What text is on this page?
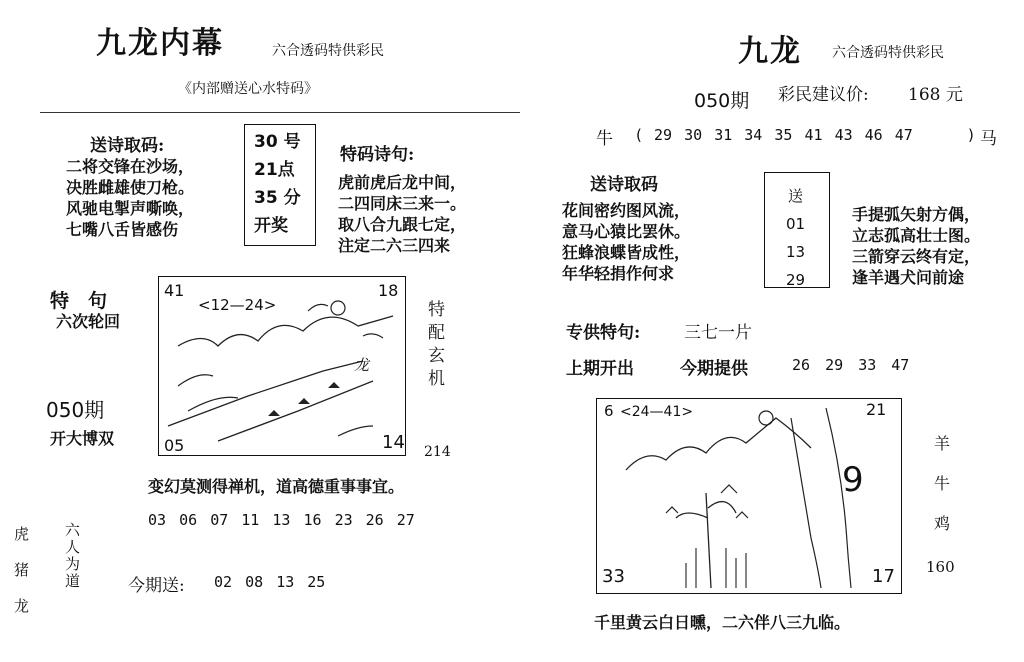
九龙内幕	六合透码特供彩民
《内部赠送心水特码》
送诗取码:
二将交锋在沙场，
决胜雌雄使刀枪。
风驰电掣声嘶唤，
七嘴八舌皆感伤
30 号
21点
35 分
开奖
特码诗句:
虎前虎后龙中间，
二四同床三来一。
取八合九跟七定，
注定二六三四来
特　句
六次轮回
050期
开大博双
41
<12—24>
18
05	14
龙	特配玄机
214
变幻莫测得禅机，道高德重事事宜。
03 06 07 11 13 16 23 26 27
虎
猪
龙
六人为道	今期送: 02 08 13 25
九龙 六合透码特供彩民
050期 彩民建议价: 168 元
牛 ( 29 30 31 34 35 41 43 46 47	) 马
送诗取码
花间密约图风流，
意马心猿比罢休。
狂蜂浪蝶皆成性，
年华轻捐作何求
送
01
13
29
手提弧矢射方偶，
立志孤高壮士图。
三箭穿云终有定，
逢羊遇犬问前途
专供特句:	三七一片
上期开出	今期提供	26 29 33 47
6 <24—41>	21
9
33	17
羊
牛
鸡
160
千里黄云白日曛，二六伴八三九临。
